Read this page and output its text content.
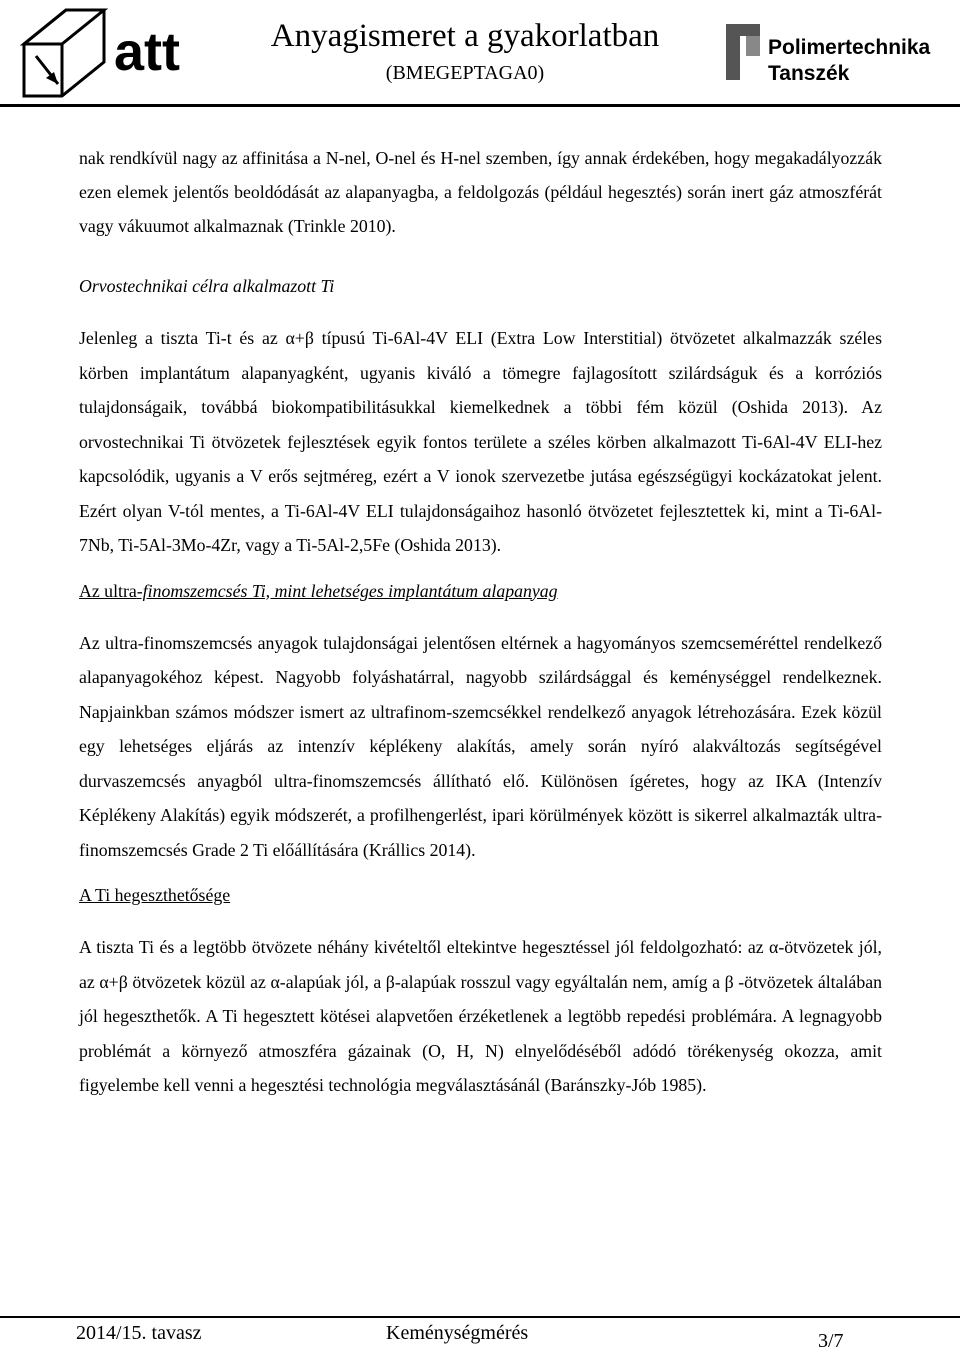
att	Anyagismeret a gyakorlatban
(BMEGEPTAGA0)
Polimertechnika
Tanszék

nak rendkívül nagy az affinitása a N-nel, O-nel és H-nel szemben, így annak érdekében, hogy megakadályozzák ezen elemek jelentős beoldódását az alapanyagba, a feldolgozás (például hegesztés) során inert gáz atmoszférát vagy vákuumot alkalmaznak (Trinkle 2010).

Orvostechnikai célra alkalmazott Ti

Jelenleg a tiszta Ti-t és az α+β típusú Ti-6Al-4V ELI (Extra Low Interstitial) ötvözetet alkalmazzák széles körben implantátum alapanyagként, ugyanis kiváló a tömegre fajlagosított szilárdságuk és a korróziós tulajdonságaik, továbbá biokompatibilitásukkal kiemelkednek a többi fém közül (Oshida 2013). Az orvostechnikai Ti ötvözetek fejlesztések egyik fontos területe a széles körben alkalmazott Ti-6Al-4V ELI-hez kapcsolódik, ugyanis a V erős sejtméreg, ezért a V ionok szervezetbe jutása egészségügyi kockázatokat jelent. Ezért olyan V-tól mentes, a Ti-6Al-4V ELI tulajdonságaihoz hasonló ötvözetet fejlesztettek ki, mint a Ti-6Al-7Nb, Ti-5Al-3Mo-4Zr, vagy a Ti-5Al-2,5Fe (Oshida 2013).

Az ultra-finomszemcsés Ti, mint lehetséges implantátum alapanyag

Az ultra-finomszemcsés anyagok tulajdonságai jelentősen eltérnek a hagyományos szemcseméréttel rendelkező alapanyagokéhoz képest. Nagyobb folyáshatárral, nagyobb szilárdsággal és keménységgel rendelkeznek. Napjainkban számos módszer ismert az ultrafinom-szemcsékkel rendelkező anyagok létrehozására. Ezek közül egy lehetséges eljárás az intenzív képlékeny alakítás, amely során nyíró alakváltozás segítségével durvaszemcsés anyagból ultra-finomszemcsés állítható elő. Különösen ígéretes, hogy az IKA (Intenzív Képlékeny Alakítás) egyik módszerét, a profilhengerlést, ipari körülmények között is sikerrel alkalmazták ultra-finomszemcsés Grade 2 Ti előállítására (Krállics 2014).

A Ti hegeszthetősége

A tiszta Ti és a legtöbb ötvözete néhány kivételtől eltekintve hegesztéssel jól feldolgozható: az α-ötvözetek jól, az α+β ötvözetek közül az α-alapúak jól, a β-alapúak rosszul vagy egyáltalán nem, amíg a β -ötvözetek általában jól hegeszthetők. A Ti hegesztett kötései alapvetően érzéketlenek a legtöbb repedési problémára. A legnagyobb problémát a környező atmoszféra gázainak (O, H, N) elnyelődéséből adódó törékenység okozza, amit figyelembe kell venni a hegesztési technológia megválasztásánál (Baránszky-Jób 1985).

2014/15. tavasz	Keménységmérés	3/7
